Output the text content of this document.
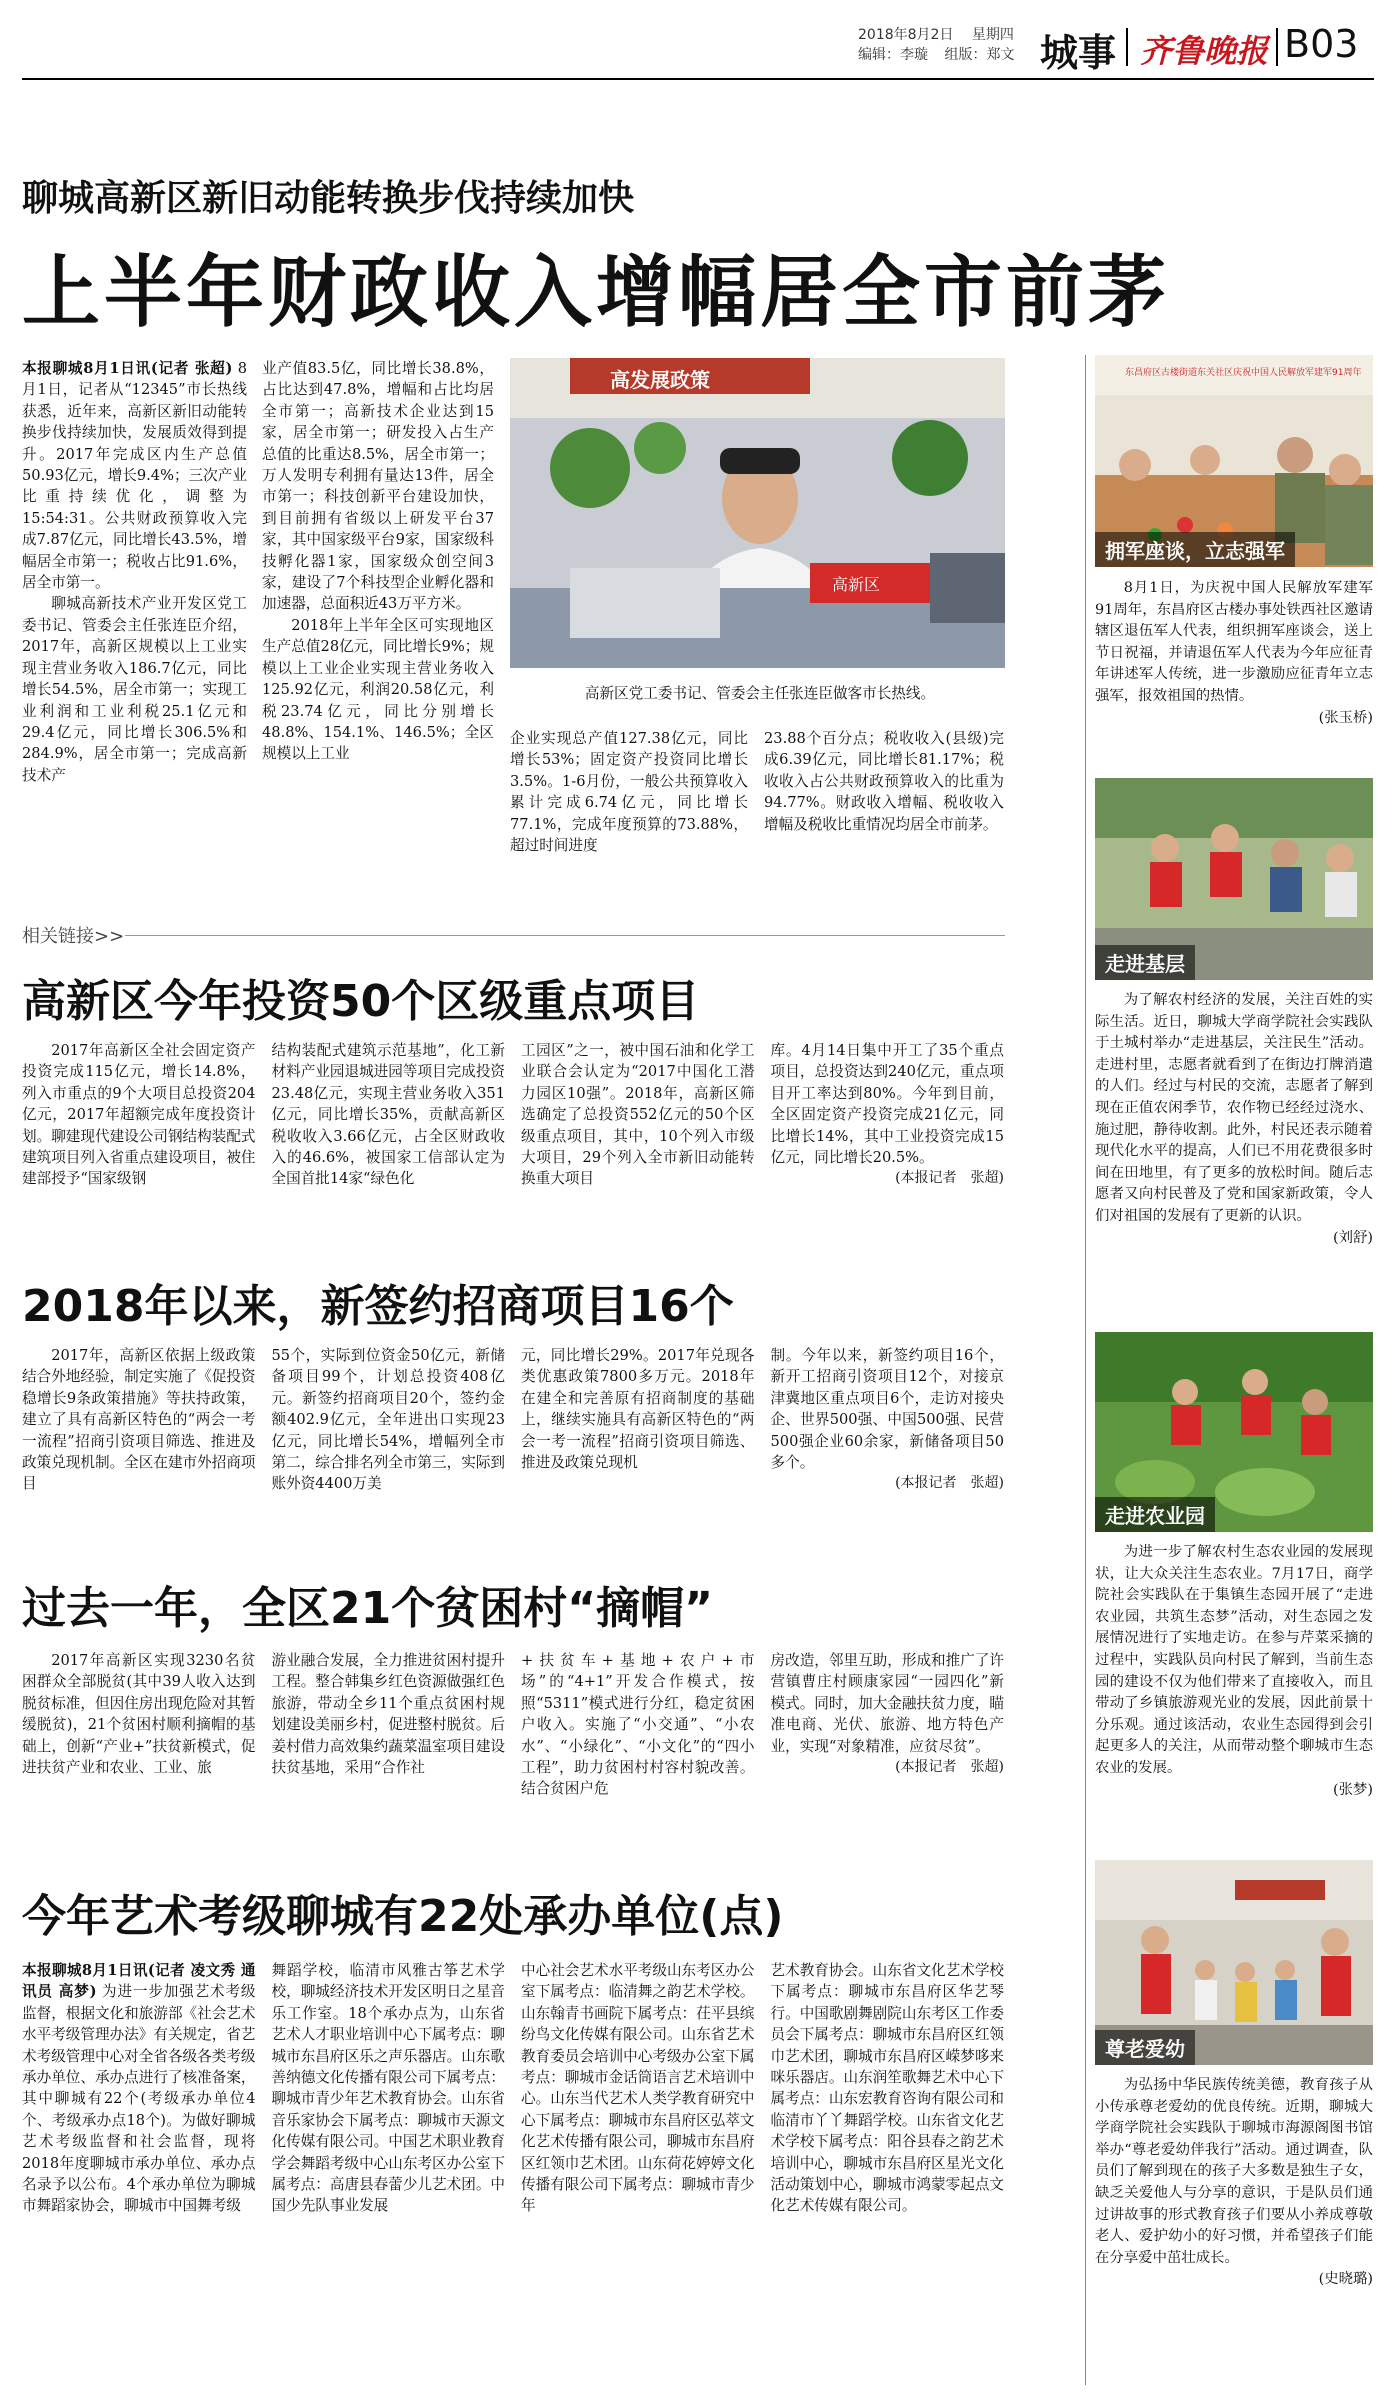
2018年8月2日 星期四
编辑：李璇 组版：郑文 城事 齐鲁晚报 B03
聊城高新区新旧动能转换步伐持续加快
上半年财政收入增幅居全市前茅
本报聊城8月1日讯(记者 张超) 8月1日，记者从“12345”市长热线获悉，近年来，高新区新旧动能转换步伐持续加快，发展质效得到提升。2017年完成区内生产总值50.93亿元，增长9.4%；三次产业比重持续优化，调整为15:54:31。公共财政预算收入完成7.87亿元，同比增长43.5%，增幅居全市第一；税收占比91.6%，居全市第一。
聊城高新技术产业开发区党工委书记、管委会主任张连臣介绍，2017年，高新区规模以上工业实现主营业务收入186.7亿元，同比增长54.5%，居全市第一；实现工业利润和工业利税25.1亿元和29.4亿元，同比增长306.5%和284.9%，居全市第一；完成高新技术产
业产值83.5亿，同比增长38.8%，占比达到47.8%，增幅和占比均居全市第一；高新技术企业达到15家，居全市第一；研发投入占生产总值的比重达8.5%，居全市第一；万人发明专利拥有量达13件，居全市第一；科技创新平台建设加快，到目前拥有省级以上研发平台37家，其中国家级平台9家，国家级科技孵化器1家，国家级众创空间3家，建设了7个科技型企业孵化器和加速器，总面积近43万平方米。
2018年上半年全区可实现地区生产总值28亿元，同比增长9%；规模以上工业企业实现主营业务收入125.92亿元，利润20.58亿元，利税23.74亿元，同比分别增长48.8%、154.1%、146.5%；全区规模以上工业
高发展政策
高新区
高新区党工委书记、管委会主任张连臣做客市长热线。
企业实现总产值127.38亿元，同比增长53%；固定资产投资同比增长3.5%。1-6月份，一般公共预算收入累计完成6.74亿元，同比增长77.1%，完成年度预算的73.88%，超过时间进度
23.88个百分点；税收收入(县级)完成6.39亿元，同比增长81.17%；税收收入占公共财政预算收入的比重为94.77%。财政收入增幅、税收收入增幅及税收比重情况均居全市前茅。
相关链接>>
高新区今年投资50个区级重点项目
2017年高新区全社会固定资产投资完成115亿元，增长14.8%，列入市重点的9个大项目总投资204亿元，2017年超额完成年度投资计划。聊建现代建设公司钢结构装配式建筑项目列入省重点建设项目，被住建部授予“国家级钢
结构装配式建筑示范基地”，化工新材料产业园退城进园等项目完成投资23.48亿元，实现主营业务收入351亿元，同比增长35%，贡献高新区税收收入3.66亿元，占全区财政收入的46.6%，被国家工信部认定为全国首批14家“绿色化
工园区”之一，被中国石油和化学工业联合会认定为“2017中国化工潜力园区10强”。2018年，高新区筛选确定了总投资552亿元的50个区级重点项目，其中，10个列入市级大项目，29个列入全市新旧动能转换重大项目
库。4月14日集中开工了35个重点项目，总投资达到240亿元，重点项目开工率达到80%。今年到目前，全区固定资产投资完成21亿元，同比增长14%，其中工业投资完成15亿元，同比增长20.5%。
(本报记者　张超)
2018年以来，新签约招商项目16个
2017年，高新区依据上级政策结合外地经验，制定实施了《促投资稳增长9条政策措施》等扶持政策，建立了具有高新区特色的“两会一考一流程”招商引资项目筛选、推进及政策兑现机制。全区在建市外招商项目
55个，实际到位资金50亿元，新储备项目99个，计划总投资408亿元。新签约招商项目20个，签约金额402.9亿元，全年进出口实现23亿元，同比增长54%，增幅列全市第二，综合排名列全市第三，实际到账外资4400万美
元，同比增长29%。2017年兑现各类优惠政策7800多万元。2018年在建全和完善原有招商制度的基础上，继续实施具有高新区特色的“两会一考一流程”招商引资项目筛选、推进及政策兑现机
制。今年以来，新签约项目16个，新开工招商引资项目12个，对接京津冀地区重点项目6个，走访对接央企、世界500强、中国500强、民营500强企业60余家，新储备项目50多个。
(本报记者　张超)
过去一年，全区21个贫困村“摘帽”
2017年高新区实现3230名贫困群众全部脱贫(其中39人收入达到脱贫标准，但因住房出现危险对其暂缓脱贫)，21个贫困村顺利摘帽的基础上，创新“产业+”扶贫新模式，促进扶贫产业和农业、工业、旅
游业融合发展，全力推进贫困村提升工程。整合韩集乡红色资源做强红色旅游，带动全乡11个重点贫困村规划建设美丽乡村，促进整村脱贫。后姜村借力高效集约蔬菜温室项目建设扶贫基地，采用“合作社
+扶贫车+基地+农户+市场”的“4+1”开发合作模式，按照“5311”模式进行分红，稳定贫困户收入。实施了“小交通”、“小农水”、“小绿化”、“小文化”的“四小工程”，助力贫困村村容村貌改善。结合贫困户危
房改造，邻里互助，形成和推广了许营镇曹庄村顾康家园“一园四化”新模式。同时，加大金融扶贫力度，瞄准电商、光伏、旅游、地方特色产业，实现“对象精准，应贫尽贫”。
(本报记者　张超)
今年艺术考级聊城有22处承办单位(点)
本报聊城8月1日讯(记者 凌文秀 通讯员 高梦) 为进一步加强艺术考级监督，根据文化和旅游部《社会艺术水平考级管理办法》有关规定，省艺术考级管理中心对全省各级各类考级承办单位、承办点进行了核准备案，其中聊城有22个(考级承办单位4个、考级承办点18个)。为做好聊城艺术考级监督和社会监督，现将2018年度聊城市承办单位、承办点名录予以公布。4个承办单位为聊城市舞蹈家协会，聊城市中国舞考级
舞蹈学校，临清市风雅古筝艺术学校，聊城经济技术开发区明日之星音乐工作室。18个承办点为，山东省艺术人才职业培训中心下属考点：聊城市东昌府区乐之声乐器店。山东歌善纳德文化传播有限公司下属考点：聊城市青少年艺术教育协会。山东省音乐家协会下属考点：聊城市天源文化传媒有限公司。中国艺术职业教育学会舞蹈考级中心山东考区办公室下属考点：高唐县春蕾少儿艺术团。中国少先队事业发展
中心社会艺术水平考级山东考区办公室下属考点：临清舞之韵艺术学校。山东翰青书画院下属考点：茌平县缤纷鸟文化传媒有限公司。山东省艺术教育委员会培训中心考级办公室下属考点：聊城市金话筒语言艺术培训中心。山东当代艺术人类学教育研究中心下属考点：聊城市东昌府区弘萃文化艺术传播有限公司，聊城市东昌府区红领巾艺术团。山东荷花婷婷文化传播有限公司下属考点：聊城市青少年
艺术教育协会。山东省文化艺术学校下属考点：聊城市东昌府区华艺琴行。中国歌剧舞剧院山东考区工作委员会下属考点：聊城市东昌府区红领巾艺术团，聊城市东昌府区嵘梦哆来咪乐器店。山东润笙歌舞艺术中心下属考点：山东宏教育咨询有限公司和临清市丫丫舞蹈学校。山东省文化艺术学校下属考点：阳谷县春之韵艺术培训中心，聊城市东昌府区星光文化活动策划中心，聊城市鸿蒙零起点文化艺术传媒有限公司。
东昌府区古楼街道东关社区庆祝中国人民解放军建军91周年
拥军座谈，立志强军
8月1日，为庆祝中国人民解放军建军91周年，东昌府区古楼办事处铁西社区邀请辖区退伍军人代表，组织拥军座谈会，送上节日祝福，并请退伍军人代表为今年应征青年讲述军人传统，进一步激励应征青年立志强军，报效祖国的热情。
(张玉桥)
走进基层
为了解农村经济的发展，关注百姓的实际生活。近日，聊城大学商学院社会实践队于土城村举办“走进基层，关注民生”活动。走进村里，志愿者就看到了在街边打牌消遣的人们。经过与村民的交流，志愿者了解到现在正值农闲季节，农作物已经经过浇水、施过肥，静待收割。此外，村民还表示随着现代化水平的提高，人们已不用花费很多时间在田地里，有了更多的放松时间。随后志愿者又向村民普及了党和国家新政策，令人们对祖国的发展有了更新的认识。
(刘舒)
走进农业园
为进一步了解农村生态农业园的发展现状，让大众关注生态农业。7月17日，商学院社会实践队在于集镇生态园开展了“走进农业园，共筑生态梦”活动，对生态园之发展情况进行了实地走访。在参与芹菜采摘的过程中，实践队员向村民了解到，当前生态园的建设不仅为他们带来了直接收入，而且带动了乡镇旅游观光业的发展，因此前景十分乐观。通过该活动，农业生态园得到会引起更多人的关注，从而带动整个聊城市生态农业的发展。
(张梦)
尊老爱幼
为弘扬中华民族传统美德，教育孩子从小传承尊老爱幼的优良传统。近期，聊城大学商学院社会实践队于聊城市海源阁图书馆举办“尊老爱幼伴我行”活动。通过调查，队员们了解到现在的孩子大多数是独生子女，缺乏关爱他人与分享的意识，于是队员们通过讲故事的形式教育孩子们要从小养成尊敬老人、爱护幼小的好习惯，并希望孩子们能在分享爱中茁壮成长。
(史晓璐)
